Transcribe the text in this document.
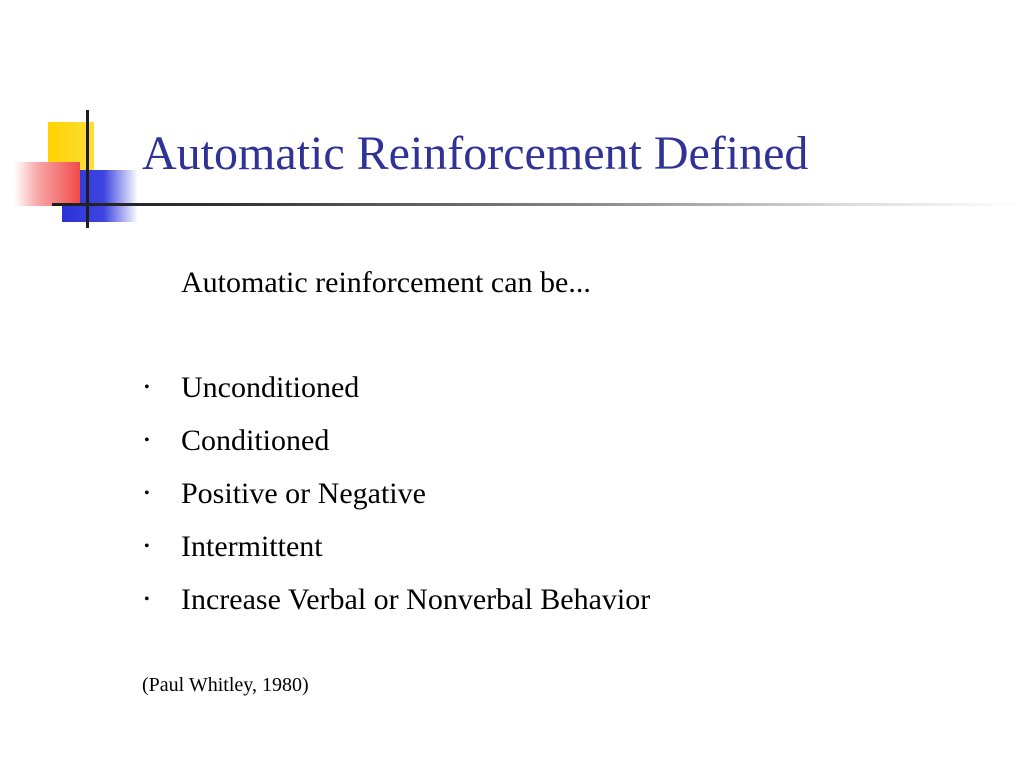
Automatic Reinforcement Defined
Automatic reinforcement can be...
• Unconditioned
• Conditioned
• Positive or Negative
• Intermittent
• Increase Verbal or Nonverbal Behavior
(Paul Whitley, 1980)
